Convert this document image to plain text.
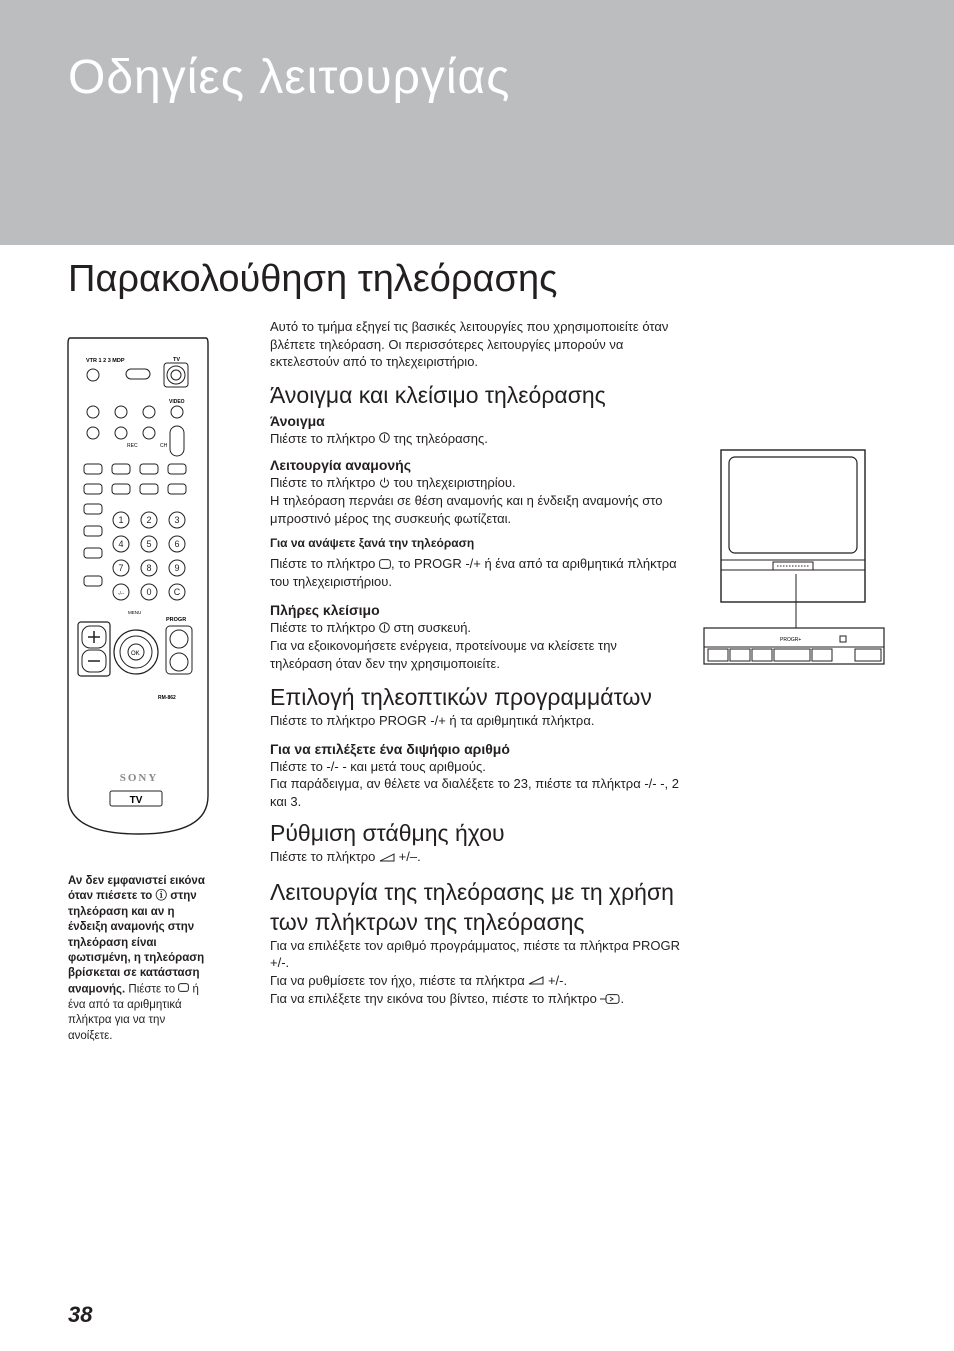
Οδηγίες λειτουργίας
Παρακολούθηση τηλεόρασης
VTR 1 2 3 MDP	TV
VIDEO
REC	CH
1	2	3
4	5	6
7	8	9
-/-- 0 C
MENU
PROGR
OK
RM-862
SONY
TV

Αυτό το τμήμα εξηγεί τις βασικές λειτουργίες που χρησιμοποιείτε όταν βλέπετε τηλεόραση. Οι περισσότερες λειτουργίες μπορούν να εκτελεστούν από το τηλεχειριστήριο.

Άνοιγμα και κλείσιμο τηλεόρασης
Άνοιγμα

Πιέστε το πλήκτρο της τηλεόρασης.

Λειτουργία αναμονής

Πιέστε το πλήκτρο του τηλεχειριστηρίου.

Η τηλεόραση περνάει σε θέση αναμονής και η ένδειξη αναμονής στο μπροστινό μέρος της συσκευής φωτίζεται.

Για να ανάψετε ξανά την τηλεόραση

Πιέστε το πλήκτρο , το PROGR -/+ ή ένα από τα αριθμητικά πλήκτρα του τηλεχειριστήριου.

Πλήρες κλείσιμο

Πιέστε το πλήκτρο στη συσκευή.

Για να εξοικονομήσετε ενέργεια, προτείνουμε να κλείσετε την τηλεόραση όταν δεν την χρησιμοποιείτε.

Επιλογή τηλεοπτικών προγραμμάτων

Πιέστε το πλήκτρο PROGR -/+ ή τα αριθμητικά πλήκτρα.

Για να επιλέξετε ένα διψήφιο αριθμό

Πιέστε το -/- - και μετά τους αριθμούς.

Για παράδειγμα, αν θέλετε να διαλέξετε το 23, πιέστε τα πλήκτρα -/- -, 2 και 3.

Ρύθμιση στάθμης ήχου

Πιέστε το πλήκτρο +/–.

Λειτουργία της τηλεόρασης με τη χρήση των πλήκτρων της τηλεόρασης

Για να επιλέξετε τον αριθμό προγράμματος, πιέστε τα πλήκτρα PROGR +/-.

Για να ρυθμίσετε τον ήχο, πιέστε τα πλήκτρα +/-.

Για να επιλέξετε την εικόνα του βίντεο, πιέστε το πλήκτρο .

PROGR+
Αν δεν εμφανιστεί εικόνα όταν πιέσετε το ⓘ στην τηλεόραση και αν η ένδειξη αναμονής στην τηλεόραση είναι φωτισμένη, η τηλεόραση βρίσκεται σε κατάσταση αναμονής. Πιέστε το ή ένα από τα αριθμητικά πλήκτρα για να την ανοίξετε.
38
